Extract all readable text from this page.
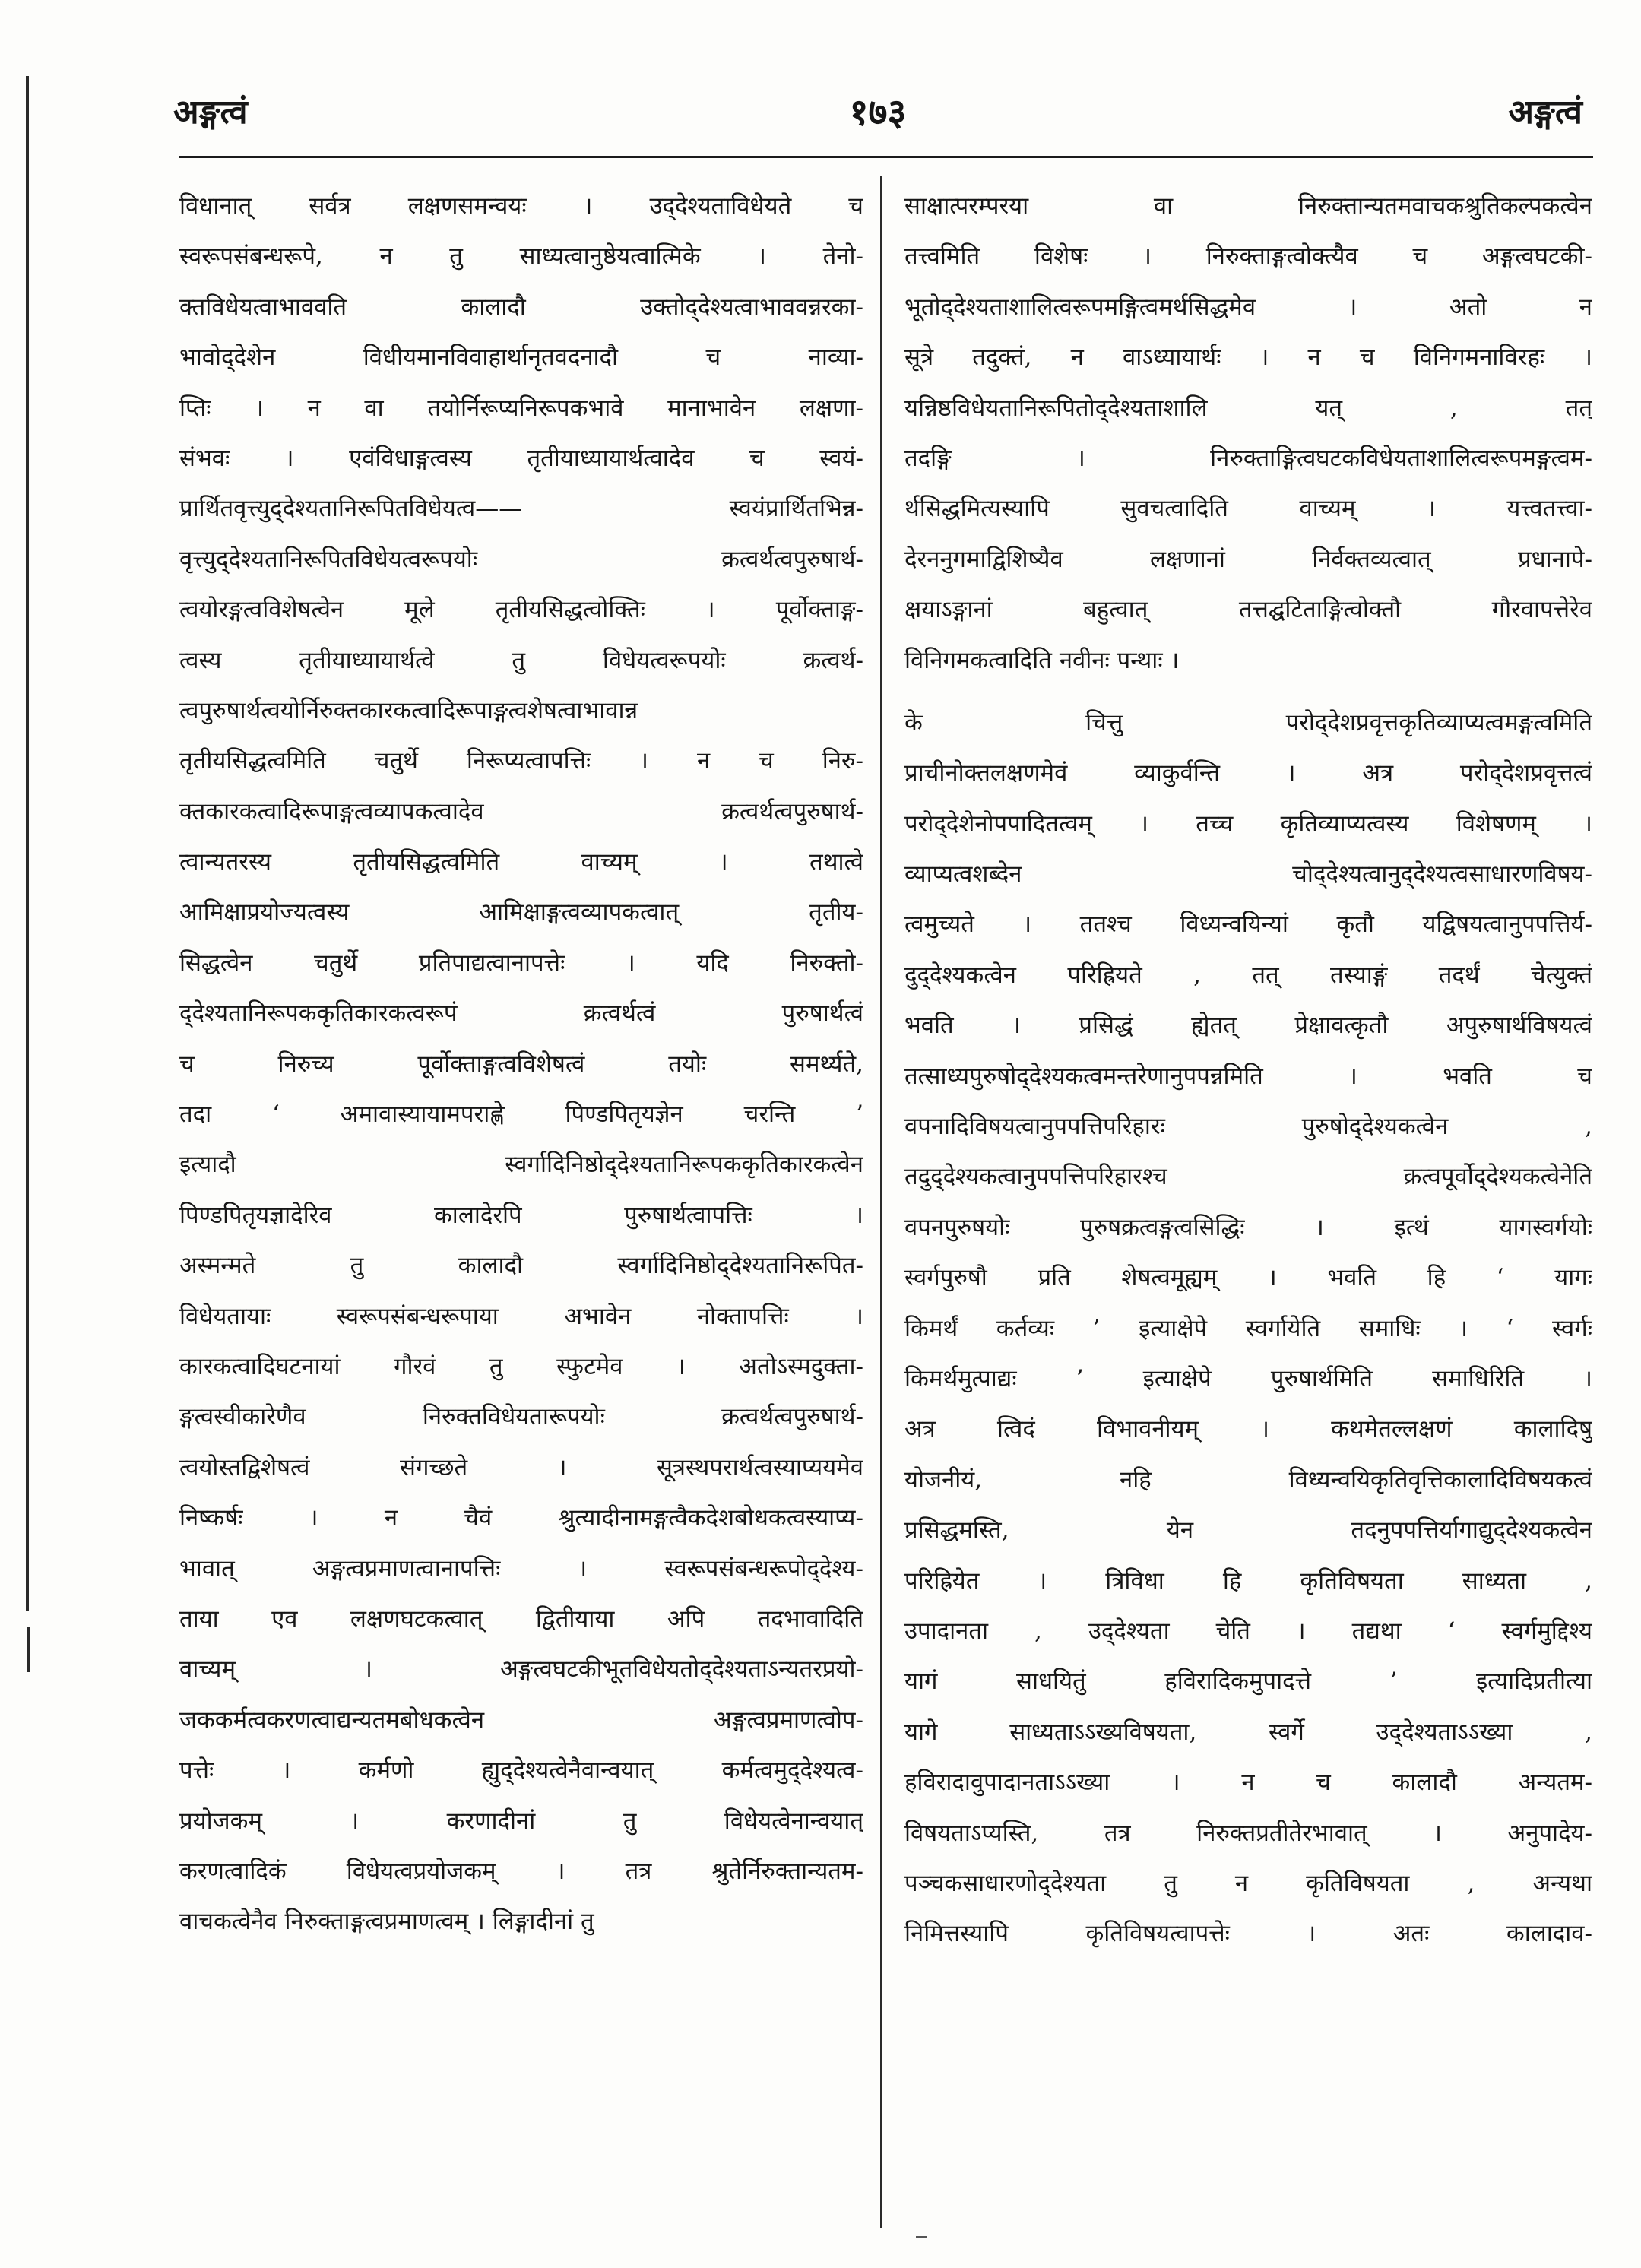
अङ्गत्वं	१७३	अङ्गत्वं
विधानात् सर्वत्र लक्षणसमन्वयः । उद्‌देश्यताविधेयते च
स्वरूपसंबन्धरूपे, न तु साध्यत्वानुष्ठेयत्वात्मिके । तेनो-
क्तविधेयत्वाभाववति कालादौ उक्तोद्‌देश्यत्वाभाववन्नरका-
भावोद्‌देशेन विधीयमानविवाहार्थानृतवदनादौ च नाव्या-
प्तिः । न वा तयोर्निरूप्यनिरूपकभावे मानाभावेन लक्षणा-
संभवः । एवंविधाङ्गत्वस्य तृतीयाध्यायार्थत्वादेव च स्वयं-
प्रार्थितवृत्त्युद्‌देश्यतानिरूपितविधेयत्व—— स्वयंप्रार्थितभिन्न-
वृत्त्युद्‌देश्यतानिरूपितविधेयत्वरूपयोः क्रत्वर्थत्वपुरुषार्थ-
त्वयोरङ्गत्वविशेषत्वेन मूले तृतीयसिद्धत्वोक्तिः । पूर्वोक्ताङ्ग-
त्वस्य तृतीयाध्यायार्थत्वे तु विधेयत्वरूपयोः क्रत्वर्थ-
त्वपुरुषार्थत्वयोर्निरुक्तकारकत्वादिरूपाङ्गत्वशेषत्वाभावान्न
तृतीयसिद्धत्वमिति चतुर्थे निरूप्यत्वापत्तिः । न च निरु-
क्तकारकत्वादिरूपाङ्गत्वव्यापकत्वादेव क्रत्वर्थत्वपुरुषार्थ-
त्वान्यतरस्य तृतीयसिद्धत्वमिति वाच्यम् । तथात्वे
आमिक्षाप्रयोज्यत्वस्य आमिक्षाङ्गत्वव्यापकत्वात् तृतीय-
सिद्धत्वेन चतुर्थे प्रतिपाद्यत्वानापत्तेः । यदि निरुक्तो-
द्‌देश्यतानिरूपककृतिकारकत्वरूपं क्रत्वर्थत्वं पुरुषार्थत्वं
च निरुच्य पूर्वोक्ताङ्गत्वविशेषत्वं तयोः समर्थ्यते,
तदा ‘ अमावास्यायामपराह्णे पिण्डपितृयज्ञेन चरन्ति ’
इत्यादौ स्वर्गादिनिष्ठोद्‌देश्यतानिरूपककृतिकारकत्वेन
पिण्डपितृयज्ञादेरिव कालादेरपि पुरुषार्थत्वापत्तिः ।
अस्मन्मते तु कालादौ स्वर्गादिनिष्ठोद्‌देश्यतानिरूपित-
विधेयतायाः स्वरूपसंबन्धरूपाया अभावेन नोक्तापत्तिः ।
कारकत्वादिघटनायां गौरवं तु स्फुटमेव । अतोऽस्मदुक्ता-
ङ्गत्वस्वीकारेणैव निरुक्तविधेयतारूपयोः क्रत्वर्थत्वपुरुषार्थ-
त्वयोस्तद्विशेषत्वं संगच्छते । सूत्रस्थपरार्थत्वस्याप्ययमेव
निष्कर्षः । न चैवं श्रुत्यादीनामङ्गत्वैकदेशबोधकत्वस्याप्य-
भावात् अङ्गत्वप्रमाणत्वानापत्तिः । स्वरूपसंबन्धरूपोद्‌देश्य-
ताया एव लक्षणघटकत्वात् द्वितीयाया अपि तदभावादिति
वाच्यम् । अङ्गत्वघटकीभूतविधेयतोद्‌देश्यताऽन्यतरप्रयो-
जककर्मत्वकरणत्वाद्यन्यतमबोधकत्वेन अङ्गत्वप्रमाणत्वोप-
पत्तेः । कर्मणो ह्युद्‌देश्यत्वेनैवान्वयात् कर्मत्वमुद्‌देश्यत्व-
प्रयोजकम् । करणादीनां तु विधेयत्वेनान्वयात्
करणत्वादिकं विधेयत्वप्रयोजकम् । तत्र श्रुतेर्निरुक्तान्यतम-
वाचकत्वेनैव निरुक्ताङ्गत्वप्रमाणत्वम् । लिङ्गादीनां तु
साक्षात्परम्परया वा निरुक्तान्यतमवाचकश्रुतिकल्पकत्वेन
तत्त्वमिति विशेषः । निरुक्ताङ्गत्वोक्त्यैव च अङ्गत्वघटकी-
भूतोद्‌देश्यताशालित्वरूपमङ्गित्वमर्थसिद्धमेव । अतो न
सूत्रे तदुक्तं, न वाऽध्यायार्थः । न च विनिगमनाविरहः ।
यन्निष्ठविधेयतानिरूपितोद्‌देश्यताशालि यत् , तत्
तदङ्गि । निरुक्ताङ्गित्वघटकविधेयताशालित्वरूपमङ्गत्वम-
र्थसिद्धमित्यस्यापि सुवचत्वादिति वाच्यम् । यत्त्वतत्त्वा-
देरननुगमाद्विशिष्यैव लक्षणानां निर्वक्तव्यत्वात् प्रधानापे-
क्षयाऽङ्गानां बहुत्वात् तत्तद्घटिताङ्गित्वोक्तौ गौरवापत्तेरेव
विनिगमकत्वादिति नवीनः पन्थाः ।
के चित्तु परोद्‌देशप्रवृत्तकृतिव्याप्यत्वमङ्गत्वमिति
प्राचीनोक्तलक्षणमेवं व्याकुर्वन्ति । अत्र परोद्‌देशप्रवृत्तत्वं
परोद्‌देशेनोपपादितत्वम् । तच्च कृतिव्याप्यत्वस्य विशेषणम् ।
व्याप्यत्वशब्देन चोद्‌देश्यत्वानुद्‌देश्यत्वसाधारणविषय-
त्वमुच्यते । ततश्च विध्यन्वयिन्यां कृतौ यद्विषयत्वानुपपत्तिर्य-
दुद्‌देश्यकत्वेन परिह्रियते , तत् तस्याङ्गं तदर्थं चेत्युक्तं
भवति । प्रसिद्धं ह्येतत् प्रेक्षावत्कृतौ अपुरुषार्थविषयत्वं
तत्साध्यपुरुषोद्‌देश्यकत्वमन्तरेणानुपपन्नमिति । भवति च
वपनादिविषयत्वानुपपत्तिपरिहारः पुरुषोद्‌देश्यकत्वेन ,
तदुद्‌देश्यकत्वानुपपत्तिपरिहारश्च क्रत्वपूर्वोद्‌देश्यकत्वेनेति
वपनपुरुषयोः पुरुषक्रत्वङ्गत्वसिद्धिः । इत्थं यागस्वर्गयोः
स्वर्गपुरुषौ प्रति शेषत्वमूह्यम् । भवति हि ‘ यागः
किमर्थं कर्तव्यः ’ इत्याक्षेपे स्वर्गायेति समाधिः । ‘ स्वर्गः
किमर्थमुत्पाद्यः ’ इत्याक्षेपे पुरुषार्थमिति समाधिरिति ।
अत्र त्विदं विभावनीयम् । कथमेतल्लक्षणं कालादिषु
योजनीयं, नहि विध्यन्वयिकृतिवृत्तिकालादिविषयकत्वं
प्रसिद्धमस्ति, येन तदनुपपत्तिर्यागाद्युद्‌देश्यकत्वेन
परिह्रियेत । त्रिविधा हि कृतिविषयता साध्यता ,
उपादानता , उद्‌देश्यता चेति । तद्यथा ‘ स्वर्गमुद्दिश्य
यागं साधयितुं हविरादिकमुपादत्ते ’ इत्यादिप्रतीत्या
यागे साध्यताऽऽख्यविषयता, स्वर्गे उद्‌देश्यताऽऽख्या ,
हविरादावुपादानताऽऽख्या । न च कालादौ अन्यतम-
विषयताऽप्यस्ति, तत्र निरुक्तप्रतीतेरभावात् । अनुपादेय-
पञ्चकसाधारणोद्‌देश्यता तु न कृतिविषयता , अन्यथा
निमित्तस्यापि कृतिविषयत्वापत्तेः । अतः कालादाव-
